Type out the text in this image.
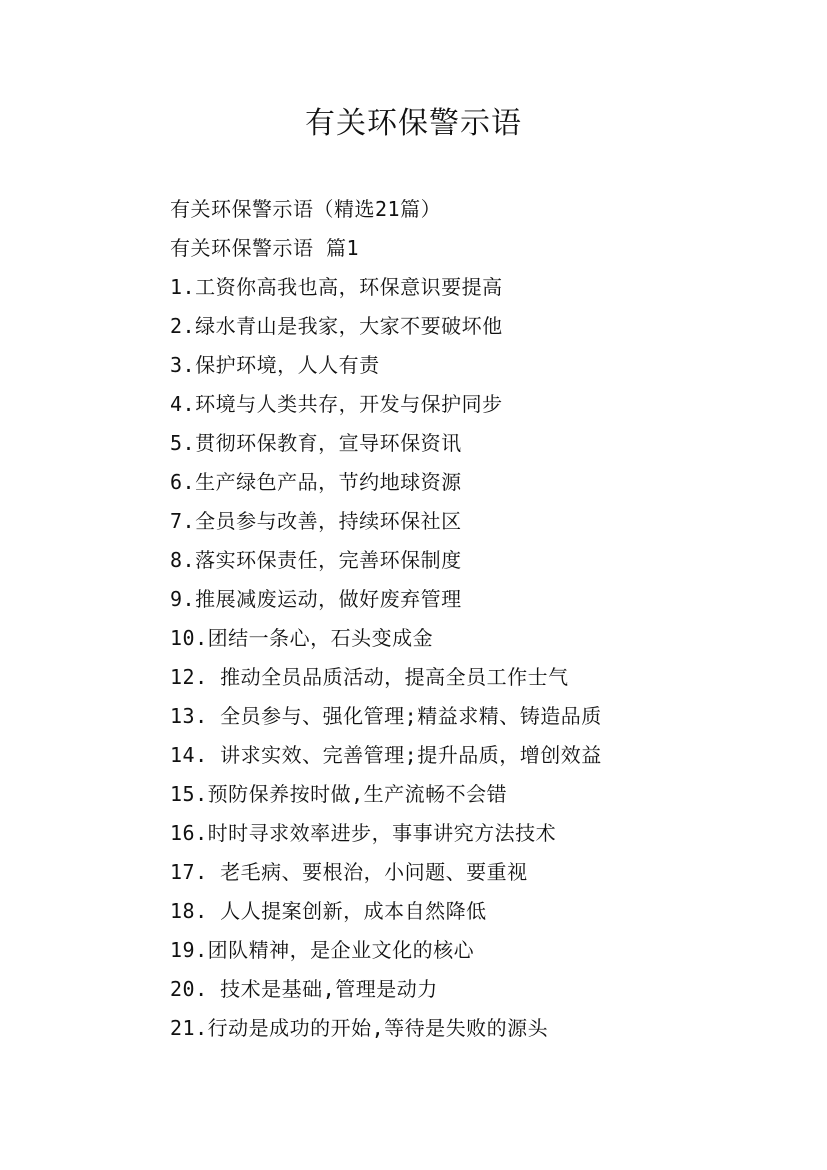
有关环保警示语
有关环保警示语（精选21篇）
有关环保警示语 篇1
1.工资你高我也高，环保意识要提高
2.绿水青山是我家，大家不要破坏他
3.保护环境，人人有责
4.环境与人类共存，开发与保护同步
5.贯彻环保教育，宣导环保资讯
6.生产绿色产品，节约地球资源
7.全员参与改善，持续环保社区
8.落实环保责任，完善环保制度
9.推展减废运动，做好废弃管理
10.团结一条心，石头变成金
12. 推动全员品质活动，提高全员工作士气
13. 全员参与、强化管理;精益求精、铸造品质
14. 讲求实效、完善管理;提升品质，增创效益
15.预防保养按时做,生产流畅不会错
16.时时寻求效率进步，事事讲究方法技术
17. 老毛病、要根治，小问题、要重视
18. 人人提案创新，成本自然降低
19.团队精神，是企业文化的核心
20. 技术是基础,管理是动力
21.行动是成功的开始,等待是失败的源头
